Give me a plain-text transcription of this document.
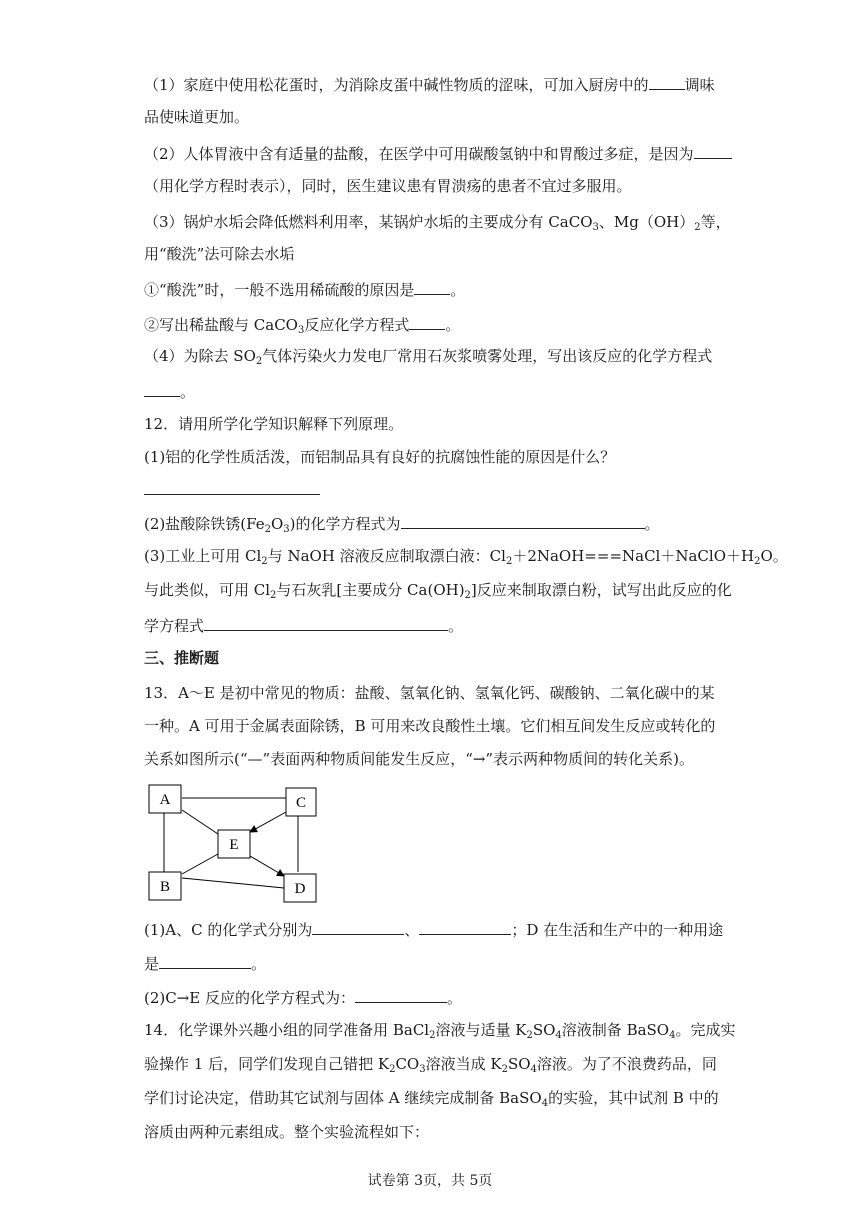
（1）家庭中使用松花蛋时，为消除皮蛋中碱性物质的涩味，可加入厨房中的 调味
品使味道更加。
（2）人体胃液中含有适量的盐酸，在医学中可用碳酸氢钠中和胃酸过多症，是因为
（用化学方程时表示），同时，医生建议患有胃溃疡的患者不宜过多服用。
（3）锅炉水垢会降低燃料利用率，某锅炉水垢的主要成分有 CaCO$_3$、$Mg(OH)_2$等，
用“酸洗”法可除去水垢
①“酸洗”时，一般不选用稀硫酸的原因是 。
②写出稀盐酸与 CaCO$_3$反应化学方程式 。
（4）为除去 $SO_2$气体污染火力发电厂常用石灰浆喷雾处理，写出该反应的化学方程式
。
12．请用所学化学知识解释下列原理。
(1)铝的化学性质活泼，而铝制品具有良好的抗腐蚀性能的原因是什么？
(2)盐酸除铁锈$(Fe_2O_3)$的化学方程式为	。
(3)工业上可用 $Cl_2$与 NaOH 溶液反应制取漂白液：$Cl_2+2NaOH===NaCl+NaClO+H_2O$。
与此类似，可用 $Cl_2$与石灰乳[主要成分 $Ca(OH)_2$]反应来制取漂白粉，试写出此反应的化
学方程式	。
三、推断题
13．A～E 是初中常见的物质：盐酸、氢氧化钠、氢氧化钙、碳酸钠、二氧化碳中的某
一种。A 可用于金属表面除锈，B 可用来改良酸性土壤。它们相互间发生反应或转化的
关系如图所示(“—”表面两种物质间能发生反应，“→”表示两种物质间的转化关系)。
A	C
E
B	D
(1)A、C 的化学式分别为	、	；D 在生活和生产中的一种用途
是	。
(2)C→E 反应的化学方程式为：	。
14．化学课外兴趣小组的同学准备用 BaCl$_2$溶液与适量 $K_2SO_4$溶液制备 BaSO$_4$。完成实
验操作 1 后，同学们发现自己错把 $K_2CO_3$溶液当成 $K_2SO_4$溶液。为了不浪费药品，同
学们讨论决定，借助其它试剂与固体 A 继续完成制备 BaSO$_4$的实验，其中试剂 B 中的
溶质由两种元素组成。整个实验流程如下：
试卷第 3页，共 5页
